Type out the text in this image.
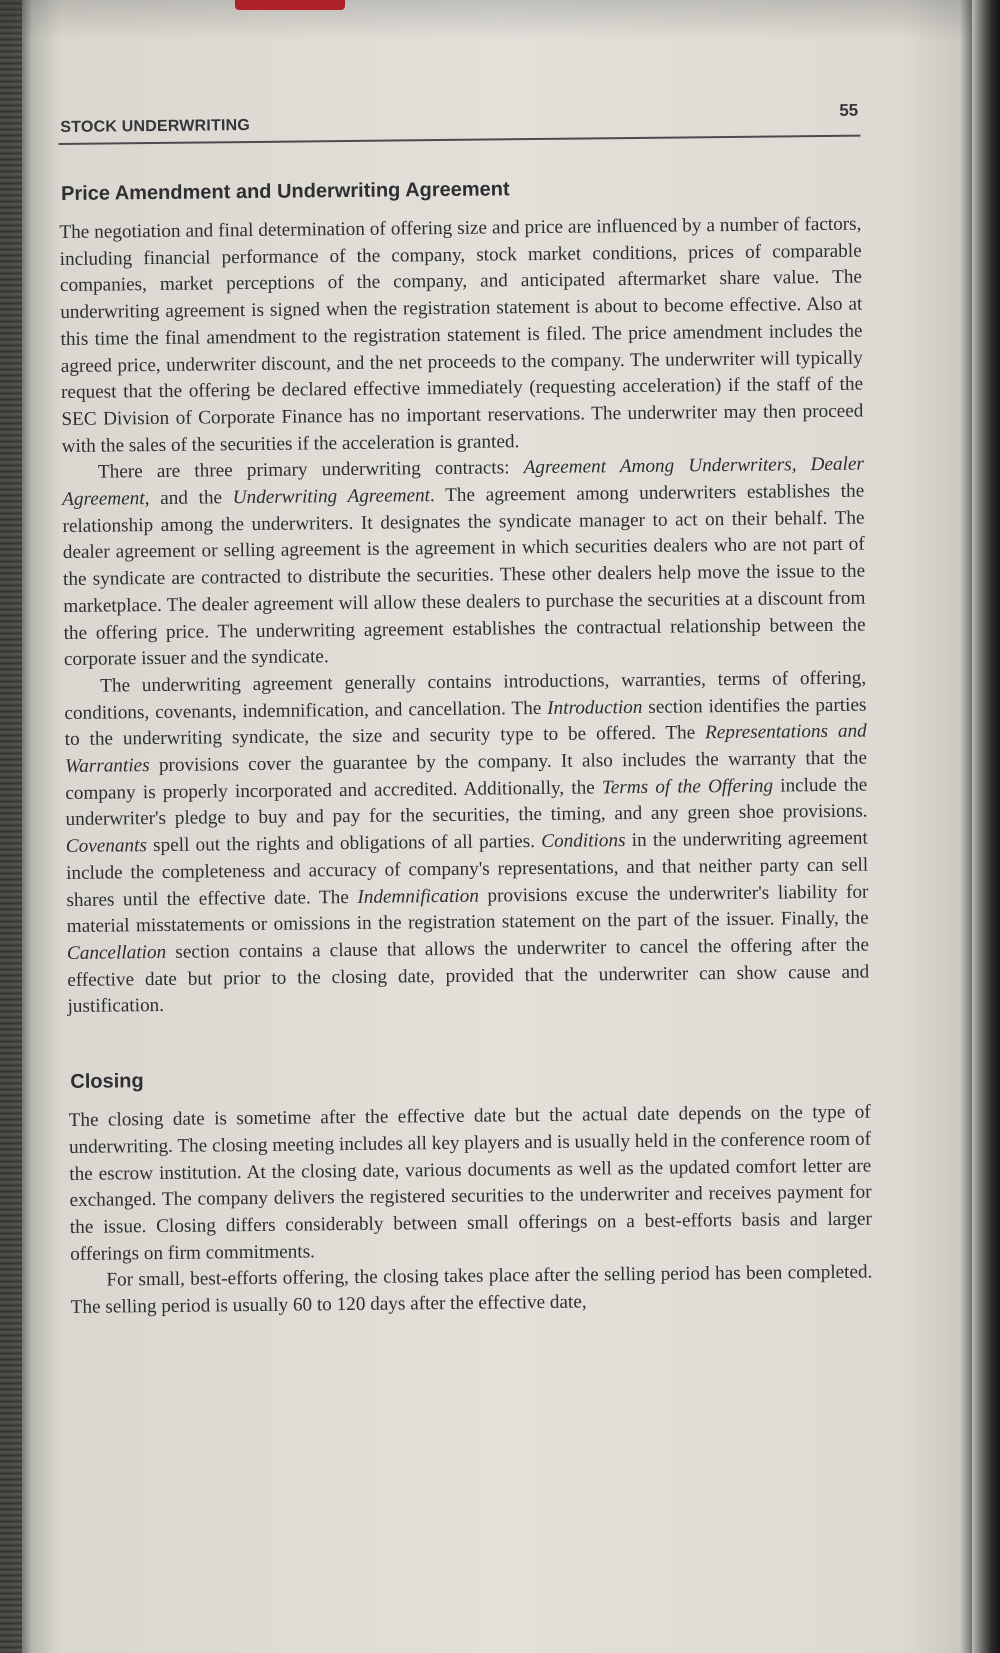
STOCK UNDERWRITING
55
Price Amendment and Underwriting Agreement

The negotiation and final determination of offering size and price are influenced by a number of factors, including financial performance of the company, stock market conditions, prices of comparable companies, market perceptions of the company, and anticipated aftermarket share value. The underwriting agreement is signed when the registration statement is about to become effective. Also at this time the final amendment to the registration statement is filed. The price amendment includes the agreed price, underwriter discount, and the net proceeds to the company. The underwriter will typically request that the offering be declared effective immediately (requesting acceleration) if the staff of the SEC Division of Corporate Finance has no important reservations. The underwriter may then proceed with the sales of the securities if the acceleration is granted.

There are three primary underwriting contracts: Agreement Among Underwriters, Dealer Agreement, and the Underwriting Agreement. The agreement among underwriters establishes the relationship among the underwriters. It designates the syndicate manager to act on their behalf. The dealer agreement or selling agreement is the agreement in which securities dealers who are not part of the syndicate are contracted to distribute the securities. These other dealers help move the issue to the marketplace. The dealer agreement will allow these dealers to purchase the securities at a discount from the offering price. The underwriting agreement establishes the contractual relationship between the corporate issuer and the syndicate.

The underwriting agreement generally contains introductions, warranties, terms of offering, conditions, covenants, indemnification, and cancellation. The Introduction section identifies the parties to the underwriting syndicate, the size and security type to be offered. The Representations and Warranties provisions cover the guarantee by the company. It also includes the warranty that the company is properly incorporated and accredited. Additionally, the Terms of the Offering include the underwriter's pledge to buy and pay for the securities, the timing, and any green shoe provisions. Covenants spell out the rights and obligations of all parties. Conditions in the underwriting agreement include the completeness and accuracy of company's representations, and that neither party can sell shares until the effective date. The Indemnification provisions excuse the underwriter's liability for material misstatements or omissions in the registration statement on the part of the issuer. Finally, the Cancellation section contains a clause that allows the underwriter to cancel the offering after the effective date but prior to the closing date, provided that the underwriter can show cause and justification.

Closing

The closing date is sometime after the effective date but the actual date depends on the type of underwriting. The closing meeting includes all key players and is usually held in the conference room of the escrow institution. At the closing date, various documents as well as the updated comfort letter are exchanged. The company delivers the registered securities to the underwriter and receives payment for the issue. Closing differs considerably between small offerings on a best-efforts basis and larger offerings on firm commitments.

For small, best-efforts offering, the closing takes place after the selling period has been completed. The selling period is usually 60 to 120 days after the effective date,
